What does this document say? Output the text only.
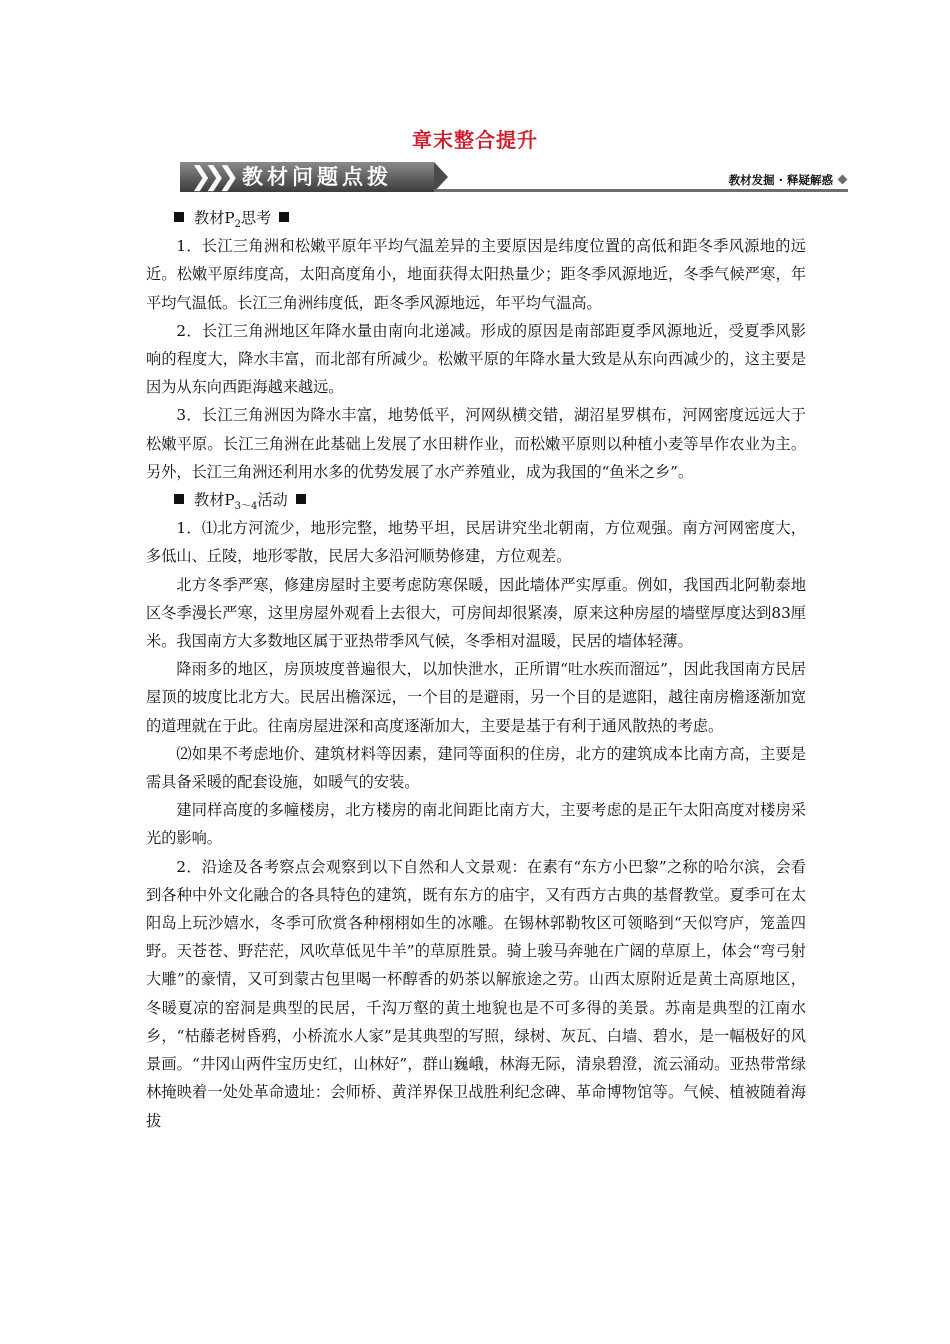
章末整合提升
❯❯❯ 教材问题点拨	教材发掘 · 释疑解惑

教材$P_2$思考

1．长江三角洲和松嫩平原年平均气温差异的主要原因是纬度位置的高低和距冬季风源地的远近。松嫩平原纬度高，太阳高度角小，地面获得太阳热量少；距冬季风源地近，冬季气候严寒，年平均气温低。长江三角洲纬度低，距冬季风源地远，年平均气温高。

2．长江三角洲地区年降水量由南向北递减。形成的原因是南部距夏季风源地近，受夏季风影响的程度大，降水丰富，而北部有所减少。松嫩平原的年降水量大致是从东向西减少的，这主要是因为从东向西距海越来越远。

3．长江三角洲因为降水丰富，地势低平，河网纵横交错，湖沼星罗棋布，河网密度远远大于松嫩平原。长江三角洲在此基础上发展了水田耕作业，而松嫩平原则以种植小麦等旱作农业为主。另外，长江三角洲还利用水多的优势发展了水产养殖业，成为我国的“鱼米之乡”。

教材$P_{3\sim 4}$活动

1．⑴北方河流少，地形完整，地势平坦，民居讲究坐北朝南，方位观强。南方河网密度大，多低山、丘陵，地形零散，民居大多沿河顺势修建，方位观差。

北方冬季严寒，修建房屋时主要考虑防寒保暖，因此墙体严实厚重。例如，我国西北阿勒泰地区冬季漫长严寒，这里房屋外观看上去很大，可房间却很紧凑，原来这种房屋的墙壁厚度达到83厘米。我国南方大多数地区属于亚热带季风气候，冬季相对温暖，民居的墙体轻薄。

降雨多的地区，房顶坡度普遍很大，以加快泄水，正所谓“吐水疾而溜远”，因此我国南方民居屋顶的坡度比北方大。民居出檐深远，一个目的是避雨，另一个目的是遮阳，越往南房檐逐渐加宽的道理就在于此。往南房屋进深和高度逐渐加大，主要是基于有利于通风散热的考虑。

⑵如果不考虑地价、建筑材料等因素，建同等面积的住房，北方的建筑成本比南方高，主要是需具备采暖的配套设施，如暖气的安装。

建同样高度的多幢楼房，北方楼房的南北间距比南方大，主要考虑的是正午太阳高度对楼房采光的影响。

2．沿途及各考察点会观察到以下自然和人文景观：在素有“东方小巴黎”之称的哈尔滨，会看到各种中外文化融合的各具特色的建筑，既有东方的庙宇，又有西方古典的基督教堂。夏季可在太阳岛上玩沙嬉水，冬季可欣赏各种栩栩如生的冰雕。在锡林郭勒牧区可领略到“天似穹庐，笼盖四野。天苍苍、野茫茫，风吹草低见牛羊”的草原胜景。骑上骏马奔驰在广阔的草原上，体会“弯弓射大雕”的豪情，又可到蒙古包里喝一杯醇香的奶茶以解旅途之劳。山西太原附近是黄土高原地区，冬暖夏凉的窑洞是典型的民居，千沟万壑的黄土地貌也是不可多得的美景。苏南是典型的江南水乡，“枯藤老树昏鸦，小桥流水人家”是其典型的写照，绿树、灰瓦、白墙、碧水，是一幅极好的风景画。“井冈山两件宝历史红，山林好”，群山巍峨，林海无际，清泉碧澄，流云涌动。亚热带常绿林掩映着一处处革命遗址：会师桥、黄洋界保卫战胜利纪念碑、革命博物馆等。气候、植被随着海拔
